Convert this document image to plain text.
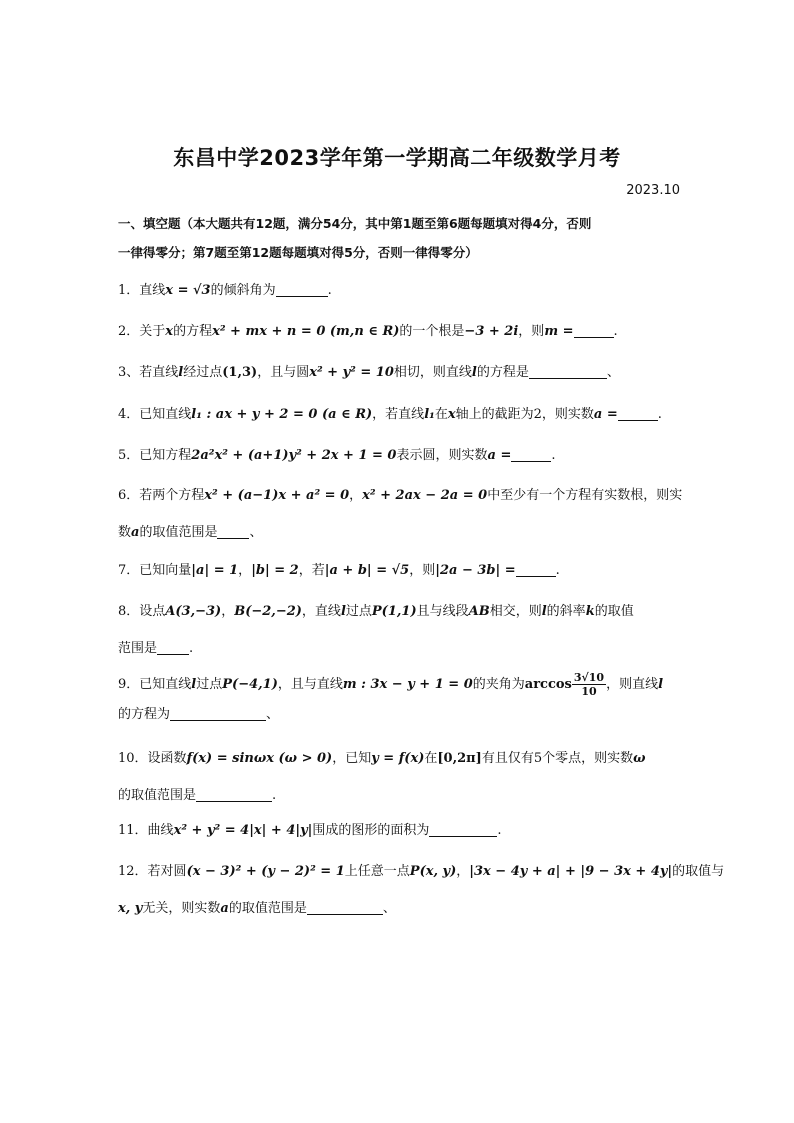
东昌中学2023学年第一学期高二年级数学月考
2023.10
一、填空题（本大题共有12题，满分54分，其中第1题至第6题每题填对得4分，否则
一律得零分；第7题至第12题每题填对得5分，否则一律得零分）
1．直线x = √3的倾斜角为	.
2．关于x的方程x² + mx + n = 0 (m,n ∈ R)的一个根是−3 + 2i，则m =	.
3、若直线l经过点(1,3)，且与圆x² + y² = 10相切，则直线l的方程是	、
4．已知直线l₁ : ax + y + 2 = 0 (a ∈ R)，若直线l₁在x轴上的截距为2，则实数a =	.
5．已知方程2a²x² + (a+1)y² + 2x + 1 = 0表示圆，则实数a =	.
6．若两个方程x² + (a−1)x + a² = 0，x² + 2ax − 2a = 0中至少有一个方程有实数根，则实
数a的取值范围是 、
7．已知向量|a| = 1，|b| = 2，若|a + b| = √5，则|2a − 3b| =	.
8．设点A(3,−3)，B(−2,−2)，直线l过点P(1,1)且与线段AB相交，则l的斜率k的取值
范围是 .
9．已知直线l过点P(−4,1)，且与直线m : 3x − y + 1 = 0的夹角为$\arccos \frac{3√10}{10}$ ，则直线l
的方程为	、
10．设函数f(x) = sinωx (ω > 0)，已知y = f(x)在[0,2π]有且仅有5个零点，则实数ω
的取值范围是	.
11．曲线x² + y² = 4|x| + 4|y|围成的图形的面积为	.
12．若对圆(x − 3)² + (y − 2)² = 1上任意一点P(x, y)，|3x − 4y + a| + |9 − 3x + 4y|的取值与
x, y无关，则实数a的取值范围是	、
